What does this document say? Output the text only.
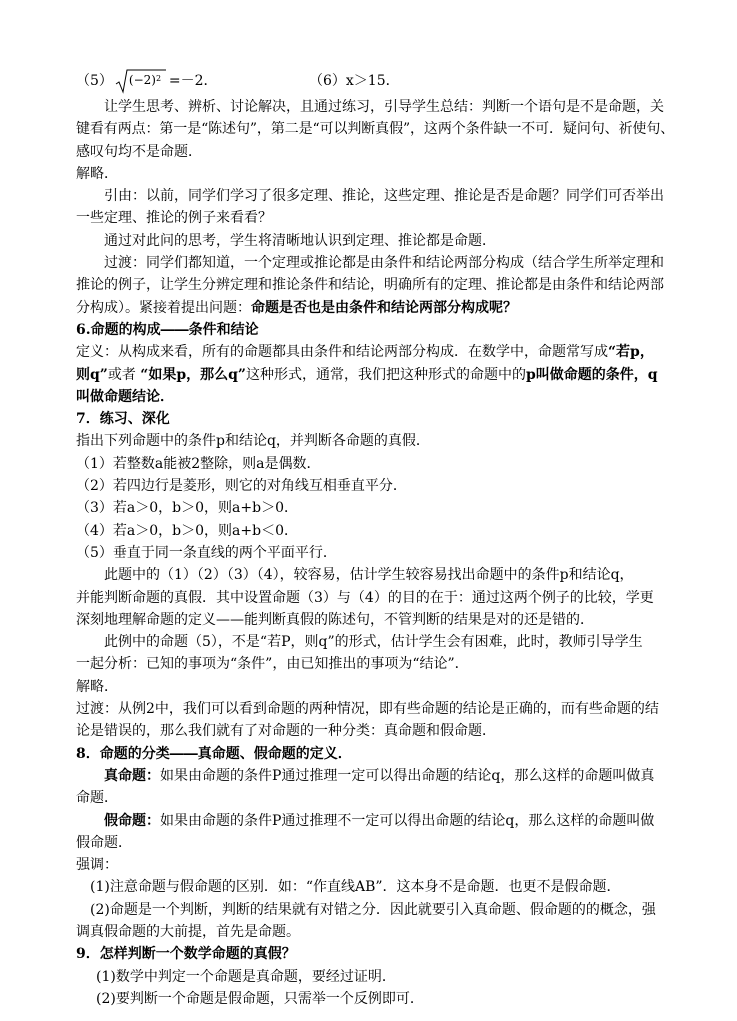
（5） $(-2)^2 =-2$．	（6）x＞15．
让学生思考、辨析、讨论解决，且通过练习，引导学生总结：判断一个语句是不是命题，关
键看有两点：第一是“陈述句”，第二是“可以判断真假”，这两个条件缺一不可．疑问句、祈使句、
感叹句均不是命题．
解略．
引由：以前，同学们学习了很多定理、推论，这些定理、推论是否是命题？同学们可否举出
一些定理、推论的例子来看看？
通过对此问的思考，学生将清晰地认识到定理、推论都是命题．
过渡：同学们都知道，一个定理或推论都是由条件和结论两部分构成（结合学生所举定理和
推论的例子，让学生分辨定理和推论条件和结论，明确所有的定理、推论都是由条件和结论两部
分构成）。紧接着提出问题：命题是否也是由条件和结论两部分构成呢？
6.命题的构成――条件和结论
定义：从构成来看，所有的命题都具由条件和结论两部分构成．在数学中，命题常写成“若p，
则q”或者 “如果p，那么q”这种形式，通常，我们把这种形式的命题中的p叫做命题的条件，q
叫做命题结论．
7．练习、深化
指出下列命题中的条件p和结论q，并判断各命题的真假．
（1）若整数a能被2整除，则a是偶数．
（2）若四边行是菱形，则它的对角线互相垂直平分．
（3）若a＞0，b＞0，则a+b＞0．
（4）若a＞0，b＞0，则a+b＜0．
（5）垂直于同一条直线的两个平面平行．
此题中的（1）（2）（3）（4），较容易，估计学生较容易找出命题中的条件p和结论q，
并能判断命题的真假．其中设置命题（3）与（4）的目的在于：通过这两个例子的比较，学更
深刻地理解命题的定义——能判断真假的陈述句，不管判断的结果是对的还是错的．
此例中的命题（5），不是“若P，则q”的形式，估计学生会有困难，此时，教师引导学生
一起分析：已知的事项为“条件”，由已知推出的事项为“结论”．
解略．
过渡：从例2中，我们可以看到命题的两种情况，即有些命题的结论是正确的，而有些命题的结
论是错误的，那么我们就有了对命题的一种分类：真命题和假命题．
8．命题的分类――真命题、假命题的定义．
真命题：如果由命题的条件P通过推理一定可以得出命题的结论q，那么这样的命题叫做真
命题．
假命题：如果由命题的条件P通过推理不一定可以得出命题的结论q，那么这样的命题叫做
假命题．
强调：
(1)注意命题与假命题的区别．如：“作直线AB”．这本身不是命题．也更不是假命题．
(2)命题是一个判断，判断的结果就有对错之分．因此就要引入真命题、假命题的的概念，强
调真假命题的大前提，首先是命题。
9．怎样判断一个数学命题的真假？
(1)数学中判定一个命题是真命题，要经过证明．
(2)要判断一个命题是假命题，只需举一个反例即可．
